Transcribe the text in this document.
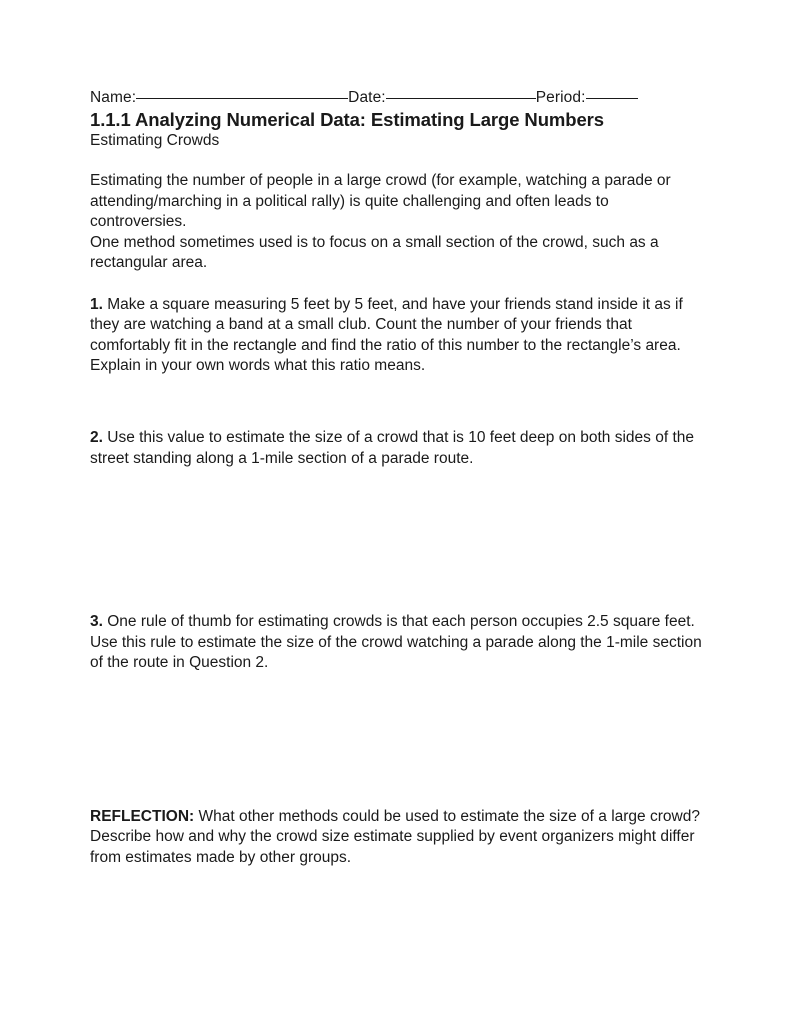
Name:	Date:	Period:
1.1.1 Analyzing Numerical Data: Estimating Large Numbers
Estimating Crowds
Estimating the number of people in a large crowd (for example, watching a parade or attending/marching in a political rally) is quite challenging and often leads to controversies.
One method sometimes used is to focus on a small section of the crowd, such as a rectangular area.
1. Make a square measuring 5 feet by 5 feet, and have your friends stand inside it as if they are watching a band at a small club. Count the number of your friends that comfortably fit in the rectangle and find the ratio of this number to the rectangle’s area. Explain in your own words what this ratio means.
2. Use this value to estimate the size of a crowd that is 10 feet deep on both sides of the street standing along a 1-mile section of a parade route.
3. One rule of thumb for estimating crowds is that each person occupies 2.5 square feet. Use this rule to estimate the size of the crowd watching a parade along the 1-mile section of the route in Question 2.
REFLECTION: What other methods could be used to estimate the size of a large crowd?
Describe how and why the crowd size estimate supplied by event organizers might differ
from estimates made by other groups.
